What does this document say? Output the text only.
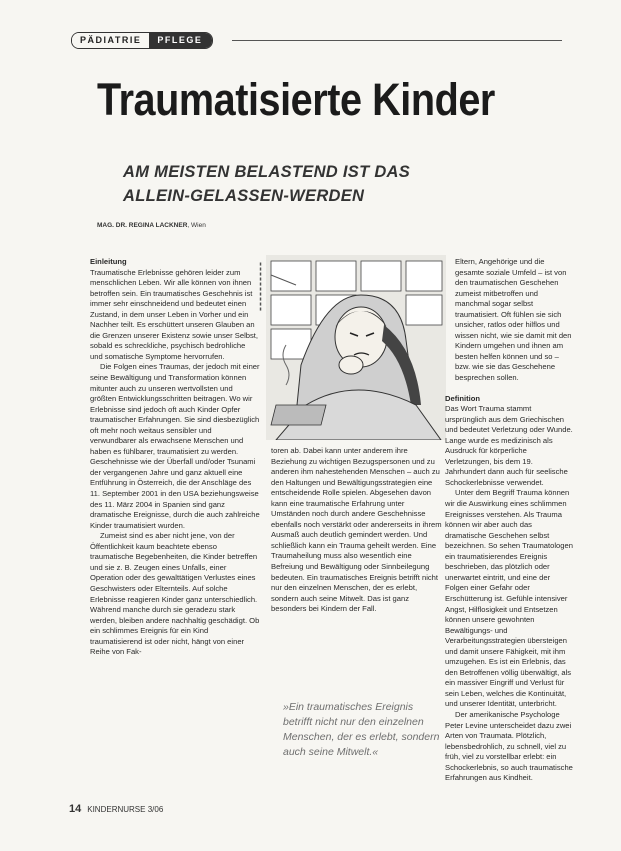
PÄDIATRIE	PFLEGE
Traumatisierte Kinder
AM MEISTEN BELASTEND IST DAS
ALLEIN-GELASSEN-WERDEN
MAG. DR. REGINA LACKNER, Wien
Einleitung

Traumatische Erlebnisse gehören leider zum menschlichen Leben. Wir alle können von ihnen betroffen sein. Ein traumatisches Geschehnis ist immer sehr einschneidend und bedeutet einen Zustand, in dem unser Leben in Vorher und ein Nachher teilt. Es erschüttert unseren Glauben an die Grenzen unserer Existenz sowie unser Selbst, sobald es schreckliche, psychisch bedrohliche und somatische Symptome hervorrufen.

Die Folgen eines Traumas, der jedoch mit einer seine Bewältigung und Transformation können mitunter auch zu unseren wertvollsten und größten Entwicklungsschritten beitragen. Wo wir Erlebnisse sind jedoch oft auch Kinder Opfer traumatischer Erfahrungen. Sie sind diesbezüglich oft mehr noch weitaus sensibler und verwundbarer als erwachsene Menschen und haben es fühlbarer, traumatisiert zu werden. Geschehnisse wie der Überfall und/oder Tsunami der vergangenen Jahre und ganz aktuell eine Entführung in Österreich, die der Anschläge des 11. September 2001 in den USA beziehungsweise des 11. März 2004 in Spanien sind ganz dramatische Ereignisse, durch die auch zahlreiche Kinder traumatisiert wurden.

Zumeist sind es aber nicht jene, von der Öffentlichkeit kaum beachtete ebenso traumatische Begebenheiten, die Kinder betreffen und sie z. B. Zeugen eines Unfalls, einer Operation oder des gewalttätigen Verlustes eines Geschwisters oder Elternteils. Auf solche Erlebnisse reagieren Kinder ganz unterschiedlich. Während manche durch sie geradezu stark werden, bleiben andere nachhaltig geschädigt. Ob ein schlimmes Ereignis für ein Kind traumatisierend ist oder nicht, hängt von einer Reihe von Fak-

▮▮▮▮▮▮▮▮▮▮

toren ab. Dabei kann unter anderem ihre Beziehung zu wichtigen Bezugspersonen und zu anderen ihm nahestehenden Menschen – auch zu den Haltungen und Bewältigungsstrategien eine entscheidende Rolle spielen. Abgesehen davon kann eine traumatische Erfahrung unter Umständen noch durch andere Geschehnisse ebenfalls noch verstärkt oder andererseits in ihrem Ausmaß auch deutlich gemindert werden. Und schließlich kann ein Trauma geheilt werden. Eine Traumaheilung muss also wesentlich eine Befreiung und Bewältigung oder Sinnbeilegung bedeuten. Ein traumatisches Ereignis betrifft nicht nur den einzelnen Menschen, der es erlebt, sondern auch seine Mitwelt. Das ist ganz besonders bei Kindern der Fall.

»Ein traumatisches Ereignis betrifft nicht nur den einzelnen Menschen, der es erlebt, sondern auch seine Mitwelt.«

Eltern, Angehörige und die gesamte soziale Umfeld – ist von den traumatischen Geschehen zumeist mitbetroffen und manchmal sogar selbst traumatisiert. Oft fühlen sie sich unsicher, ratlos oder hilflos und wissen nicht, wie sie damit mit den Kindern umgehen und ihnen am besten helfen können und so – bzw. wie sie das Geschehene besprechen sollen.

Definition

Das Wort Trauma stammt ursprünglich aus dem Griechischen und bedeutet Verletzung oder Wunde. Lange wurde es medizinisch als Ausdruck für körperliche Verletzungen, bis dem 19. Jahrhundert dann auch für seelische Schockerlebnisse verwendet.

Unter dem Begriff Trauma können wir die Auswirkung eines schlimmen Ereignisses verstehen. Als Trauma können wir aber auch das dramatische Geschehen selbst bezeichnen. So sehen Traumatologen ein traumatisierendes Ereignis beschrieben, das plötzlich oder unerwartet eintritt, und eine der Folgen einer Gefahr oder Erschütterung ist. Gefühle intensiver Angst, Hilflosigkeit und Entsetzen können unsere gewohnten Bewältigungs- und Verarbeitungsstrategien übersteigen und damit unsere Fähigkeit, mit ihm umzugehen. Es ist ein Erlebnis, das den Betroffenen völlig überwältigt, als ein massiver Eingriff und Verlust für sein Leben, welches die Kontinuität, und unserer Identität, unterbricht.

Der amerikanische Psychologe Peter Levine unterscheidet dazu zwei Arten von Traumata. Plötzlich, lebensbedrohlich, zu schnell, viel zu früh, viel zu vorstellbar erlebt: ein Schockerlebnis, so auch traumatische Erfahrungen aus Kindheit.

14 KINDERNURSE 3/06
